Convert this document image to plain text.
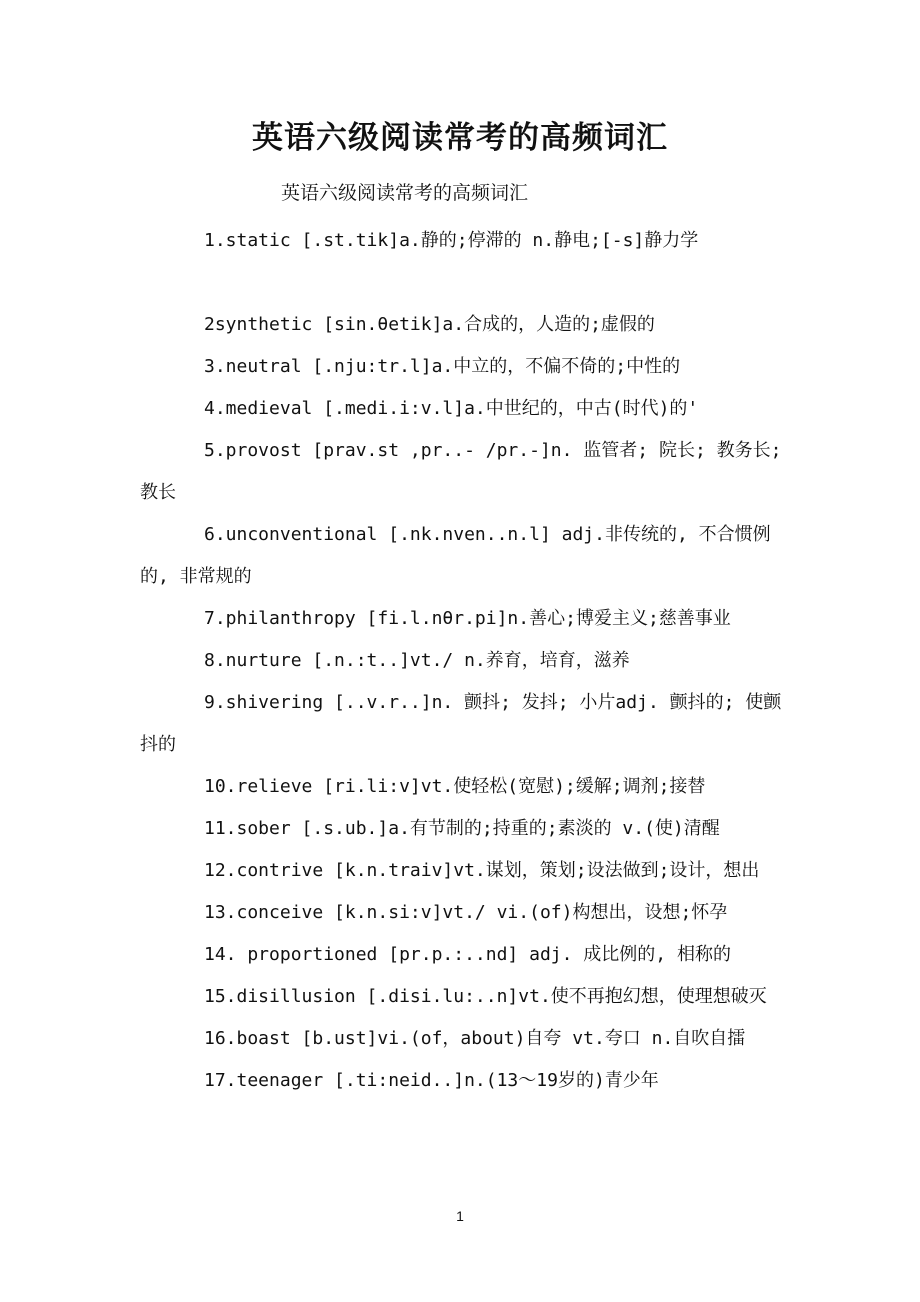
英语六级阅读常考的高频词汇

英语六级阅读常考的高频词汇

1.static [.st.tik]a.静的;停滞的 n.静电;[-s]静力学

2synthetic [sin.θetik]a.合成的，人造的;虚假的

3.neutral [.nju:tr.l]a.中立的，不偏不倚的;中性的

4.medieval [.medi.i:v.l]a.中世纪的，中古(时代)的'

5.provost [prav.st ,pr..- /pr.-]n. 监管者; 院长; 教务长; 教长

6.unconventional [.nk.nven..n.l] adj.非传统的, 不合惯例的, 非常规的

7.philanthropy [fi.l.nθr.pi]n.善心;博爱主义;慈善事业

8.nurture [.n.:t..]vt./ n.养育，培育，滋养

9.shivering [..v.r..]n. 颤抖; 发抖; 小片adj. 颤抖的; 使颤抖的

10.relieve [ri.li:v]vt.使轻松(宽慰);缓解;调剂;接替

11.sober [.s.ub.]a.有节制的;持重的;素淡的 v.(使)清醒

12.contrive [k.n.traiv]vt.谋划，策划;设法做到;设计，想出

13.conceive [k.n.si:v]vt./ vi.(of)构想出，设想;怀孕

14. proportioned [pr.p.:..nd] adj. 成比例的, 相称的

15.disillusion [.disi.lu:..n]vt.使不再抱幻想，使理想破灭

16.boast [b.ust]vi.(of，about)自夸 vt.夸口 n.自吹自擂

17.teenager [.ti:neid..]n.(13～19岁的)青少年

1
